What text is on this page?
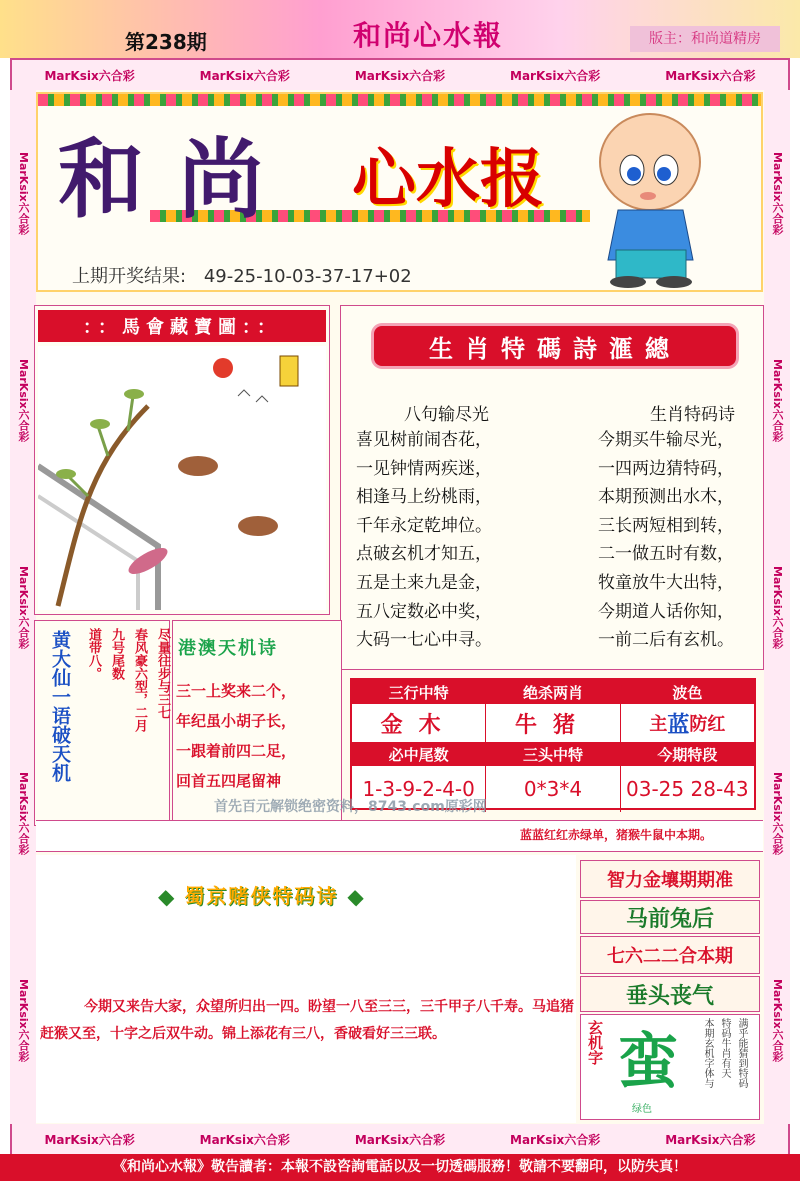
第238期	和尚心水報	版主：和尚道精房
MarKsix六合彩	MarKsix六合彩	MarKsix六合彩	MarKsix六合彩	MarKsix六合彩
MarKsix六合彩
MarKsix六合彩
MarKsix六合彩
MarKsix六合彩
MarKsix六合彩
MarKsix六合彩
MarKsix六合彩
MarKsix六合彩
MarKsix六合彩
MarKsix六合彩
MarKsix六合彩	MarKsix六合彩	MarKsix六合彩	MarKsix六合彩	MarKsix六合彩
和尚 心水报
上期开奖结果: 49-25-10-03-37-17+02
：：馬會藏寶圖：：
生肖特碼詩滙總
八句输尽光	生肖特码诗
喜见树前闹杏花，
一见钟情两疾迷，
相逢马上纷桃雨，
千年永定乾坤位。
点破玄机才知五，
五是土来九是金，
五八定数必中奖，
大码一七心中寻。
今期买牛输尽光，
一四两边猜特码，
本期预测出水木，
三长两短相到转，
二一做五时有数，
牧童放牛大出特，
今期道人话你知，
一前二后有玄机。
黄大仙一语破天机	尽量往步与三七
春风豪六型，二月
九号尾数
道带八。	港澳天机诗
三一上奖来二个，
年纪虽小胡子长，
一跟着前四二足，
回首五四尾留神
三行中特	绝杀两肖	波色
金木	牛猪	主 蓝 防红
必中尾数	三头中特	今期特段
1-3-9-2-4-0	0*3*4	03-25 28-43
首先百元解锁绝密资料，8743.com原彩网
蓝蓝红红赤绿单，猪猴牛鼠中本期。
◆ 蜀京赌侠特码诗 ◆
今期又来告大家，众望所归出一四。盼望一八至三三，三千甲子八千寿。马追猪赶猴又至，十字之后双牛动。锦上添花有三八，香破看好三三联。
智力金壤期期准
马前兔后
七六二二合本期
垂头丧气
玄机字 蛮
绿色
满乎能猜到特码
特码牛肖有天
本期玄机字体与
《和尚心水報》敬告讀者：本報不設咨詢電話以及一切透碼服務！敬請不要翻印，以防失真！
